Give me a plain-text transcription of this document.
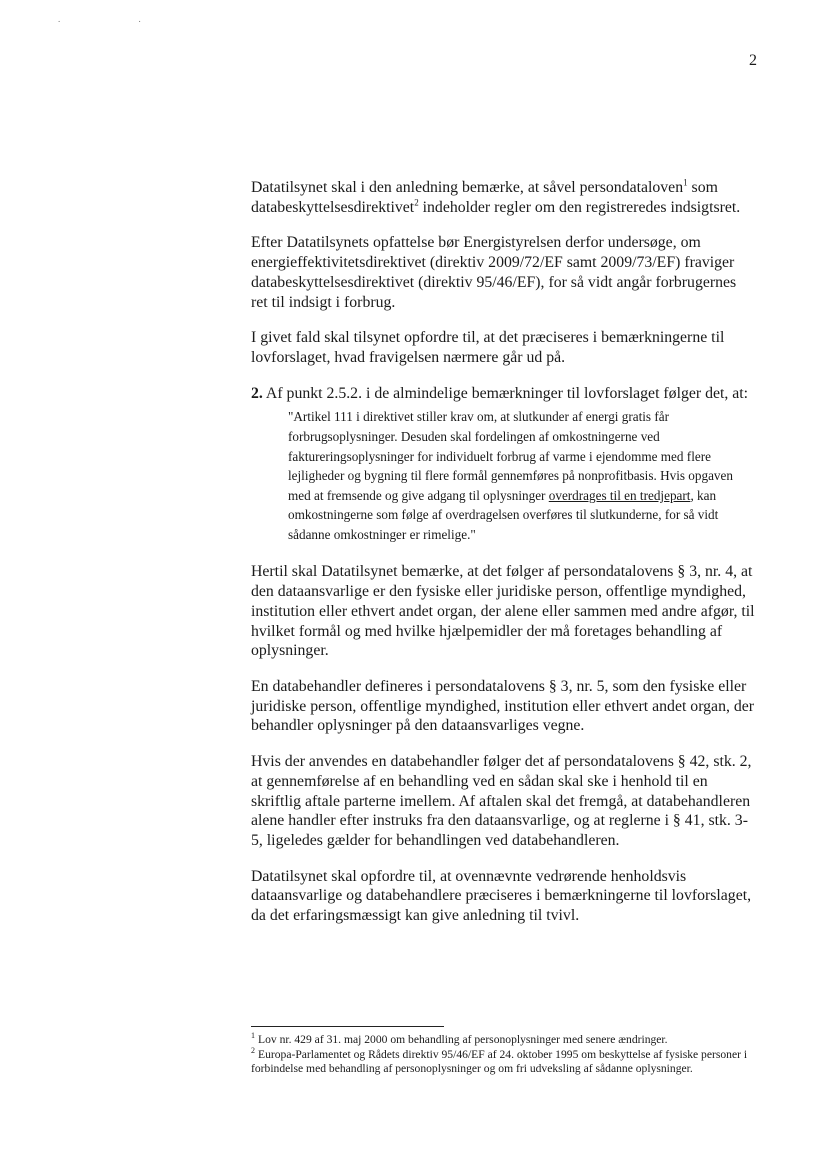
. .
2

Datatilsynet skal i den anledning bemærke, at såvel persondataloven$^1$ som databeskyttelsesdirektivet$^2$ indeholder regler om den registreredes indsigtsret.

Efter Datatilsynets opfattelse bør Energistyrelsen derfor undersøge, om energieffektivitetsdirektivet (direktiv 2009/72/EF samt 2009/73/EF) fraviger databeskyttelsesdirektivet (direktiv 95/46/EF), for så vidt angår forbrugernes ret til indsigt i forbrug.

I givet fald skal tilsynet opfordre til, at det præciseres i bemærkningerne til lovforslaget, hvad fravigelsen nærmere går ud på.

2. Af punkt 2.5.2. i de almindelige bemærkninger til lovforslaget følger det, at:

"Artikel 111 i direktivet stiller krav om, at slutkunder af energi gratis får forbrugsoplysninger. Desuden skal fordelingen af omkostningerne ved faktureringsoplysninger for individuelt forbrug af varme i ejendomme med flere lejligheder og bygning til flere formål gennemføres på nonprofitbasis. Hvis opgaven med at fremsende og give adgang til oplysninger overdrages til en tredjepart, kan omkostningerne som følge af overdragelsen overføres til slutkunderne, for så vidt sådanne omkostninger er rimelige."

Hertil skal Datatilsynet bemærke, at det følger af persondatalovens § 3, nr. 4, at den dataansvarlige er den fysiske eller juridiske person, offentlige myndighed, institution eller ethvert andet organ, der alene eller sammen med andre afgør, til hvilket formål og med hvilke hjælpemidler der må foretages behandling af oplysninger.

En databehandler defineres i persondatalovens § 3, nr. 5, som den fysiske eller juridiske person, offentlige myndighed, institution eller ethvert andet organ, der behandler oplysninger på den dataansvarliges vegne.

Hvis der anvendes en databehandler følger det af persondatalovens § 42, stk. 2, at gennemførelse af en behandling ved en sådan skal ske i henhold til en skriftlig aftale parterne imellem. Af aftalen skal det fremgå, at databehandleren alene handler efter instruks fra den dataansvarlige, og at reglerne i § 41, stk. 3-5, ligeledes gælder for behandlingen ved databehandleren.

Datatilsynet skal opfordre til, at ovennævnte vedrørende henholdsvis dataansvarlige og databehandlere præciseres i bemærkningerne til lovforslaget, da det erfaringsmæssigt kan give anledning til tvivl.

$^1$ Lov nr. 429 af 31. maj 2000 om behandling af personoplysninger med senere ændringer.

$^2$ Europa-Parlamentet og Rådets direktiv 95/46/EF af 24. oktober 1995 om beskyttelse af fysiske personer i forbindelse med behandling af personoplysninger og om fri udveksling af sådanne oplysninger.
